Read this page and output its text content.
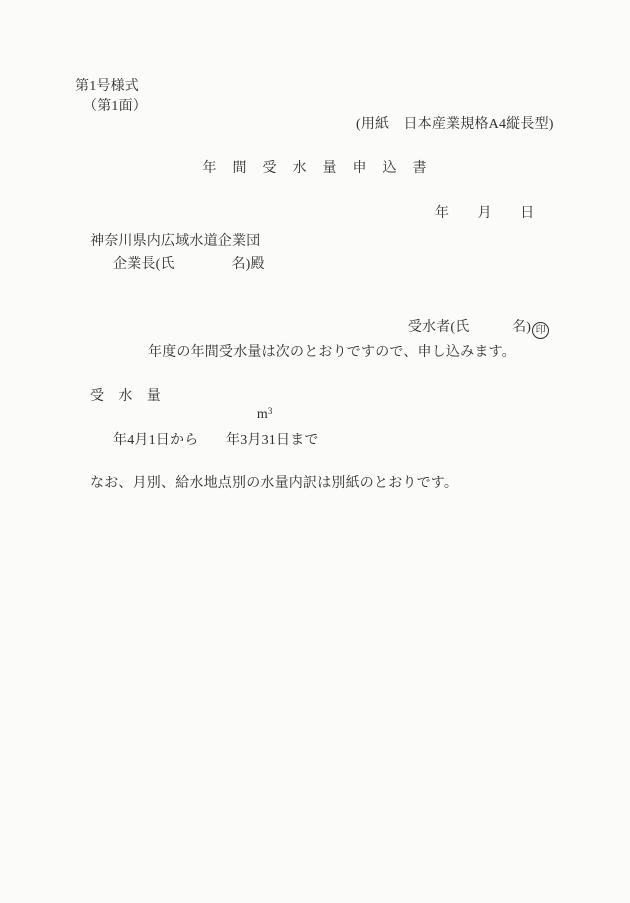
第1号様式
（第1面）
(用紙　日本産業規格A4縦長型)
年　間　受　水　量　申　込　書
年　　月　　日
神奈川県内広域水道企業団
企業長(氏　　　　名)殿

受水者(氏　　　名) 印

年度の年間受水量は次のとおりですので、申し込みます。
受　水　量

$m^3$

年4月1日から 年3月31日まで
なお、月別、給水地点別の水量内訳は別紙のとおりです。
